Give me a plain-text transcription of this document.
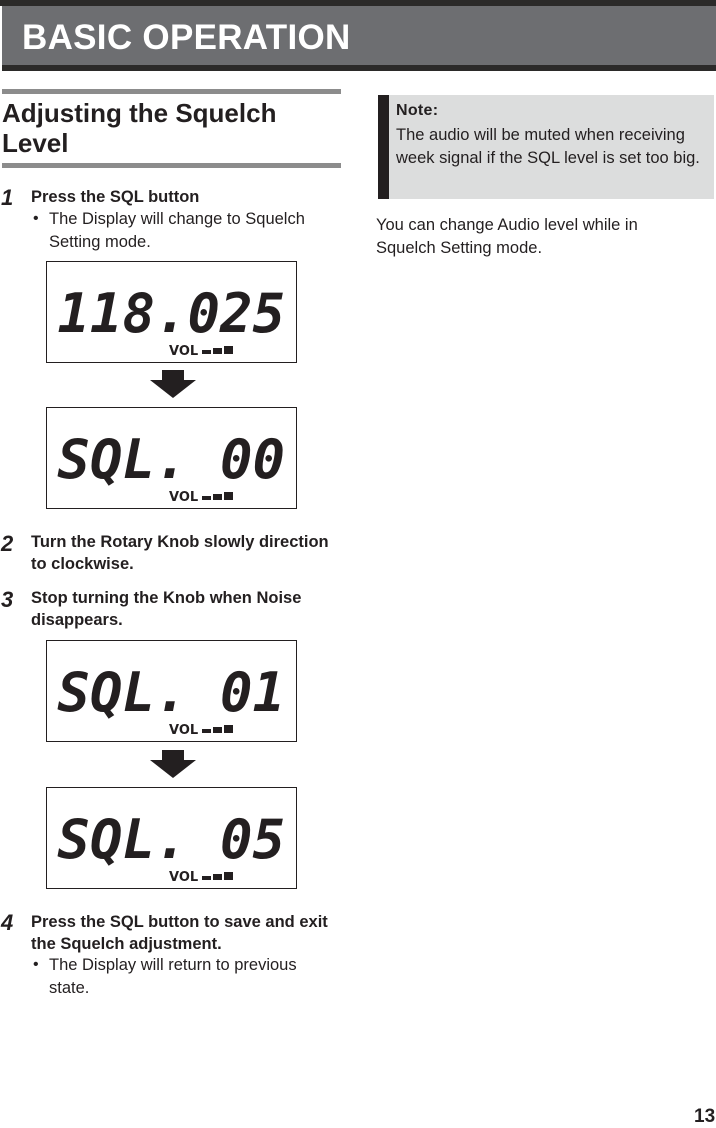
BASIC OPERATION
Adjusting the Squelch Level
1 Press the SQL button
• The Display will change to Squelch Setting mode.
118.025
VOL
SQL. 00
VOL
2 Turn the Rotary Knob slowly direction to clockwise.
3 Stop turning the Knob when Noise disappears.
SQL. 01
VOL
SQL. 05
VOL
4 Press the SQL button to save and exit the Squelch adjustment.
• The Display will return to previous state.
Note:
The audio will be muted when receiving week signal if the SQL level is set too big.
You can change Audio level while in Squelch Setting mode.
13
